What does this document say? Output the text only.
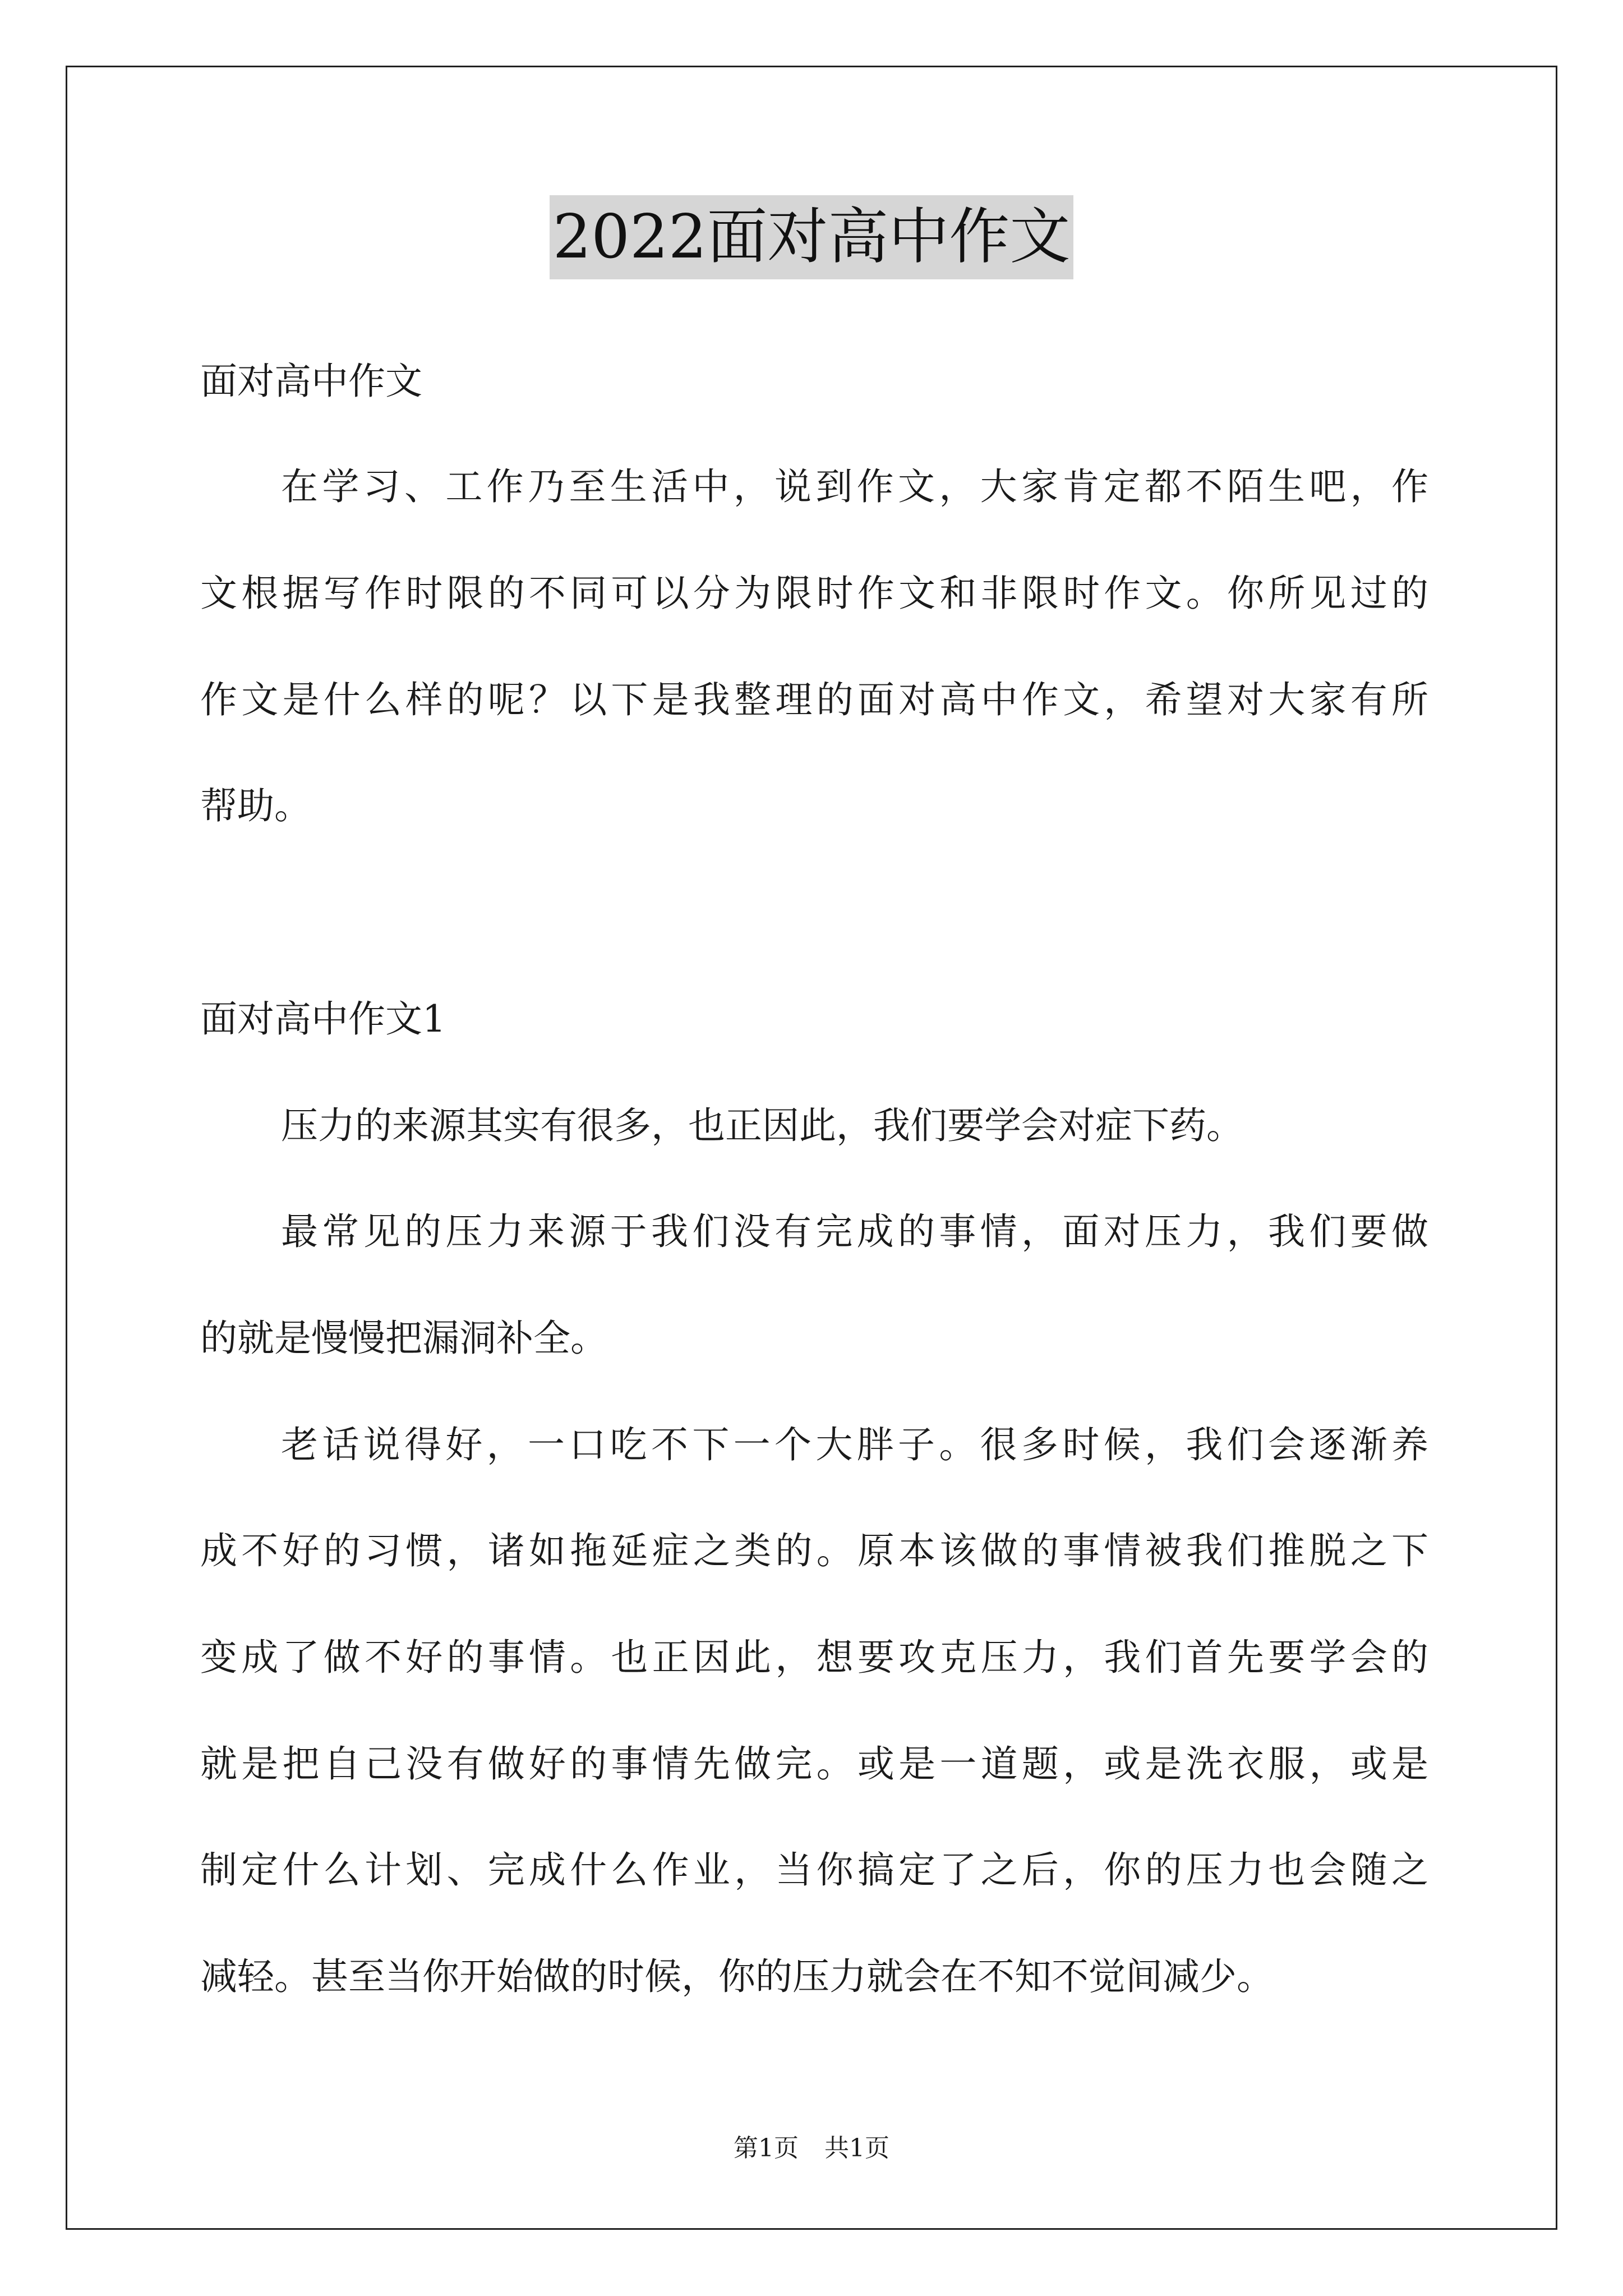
2022面对高中作文
面对高中作文
在学习、工作乃至生活中，说到作文，大家肯定都不陌生吧，作
文根据写作时限的不同可以分为限时作文和非限时作文。你所见过的
作文是什么样的呢？以下是我整理的面对高中作文，希望对大家有所
帮助。
面对高中作文1
压力的来源其实有很多，也正因此，我们要学会对症下药。
最常见的压力来源于我们没有完成的事情，面对压力，我们要做
的就是慢慢把漏洞补全。
老话说得好，一口吃不下一个大胖子。很多时候，我们会逐渐养
成不好的习惯，诸如拖延症之类的。原本该做的事情被我们推脱之下
变成了做不好的事情。也正因此，想要攻克压力，我们首先要学会的
就是把自己没有做好的事情先做完。或是一道题，或是洗衣服，或是
制定什么计划、完成什么作业，当你搞定了之后，你的压力也会随之
减轻。甚至当你开始做的时候，你的压力就会在不知不觉间减少。
第1页 共1页
